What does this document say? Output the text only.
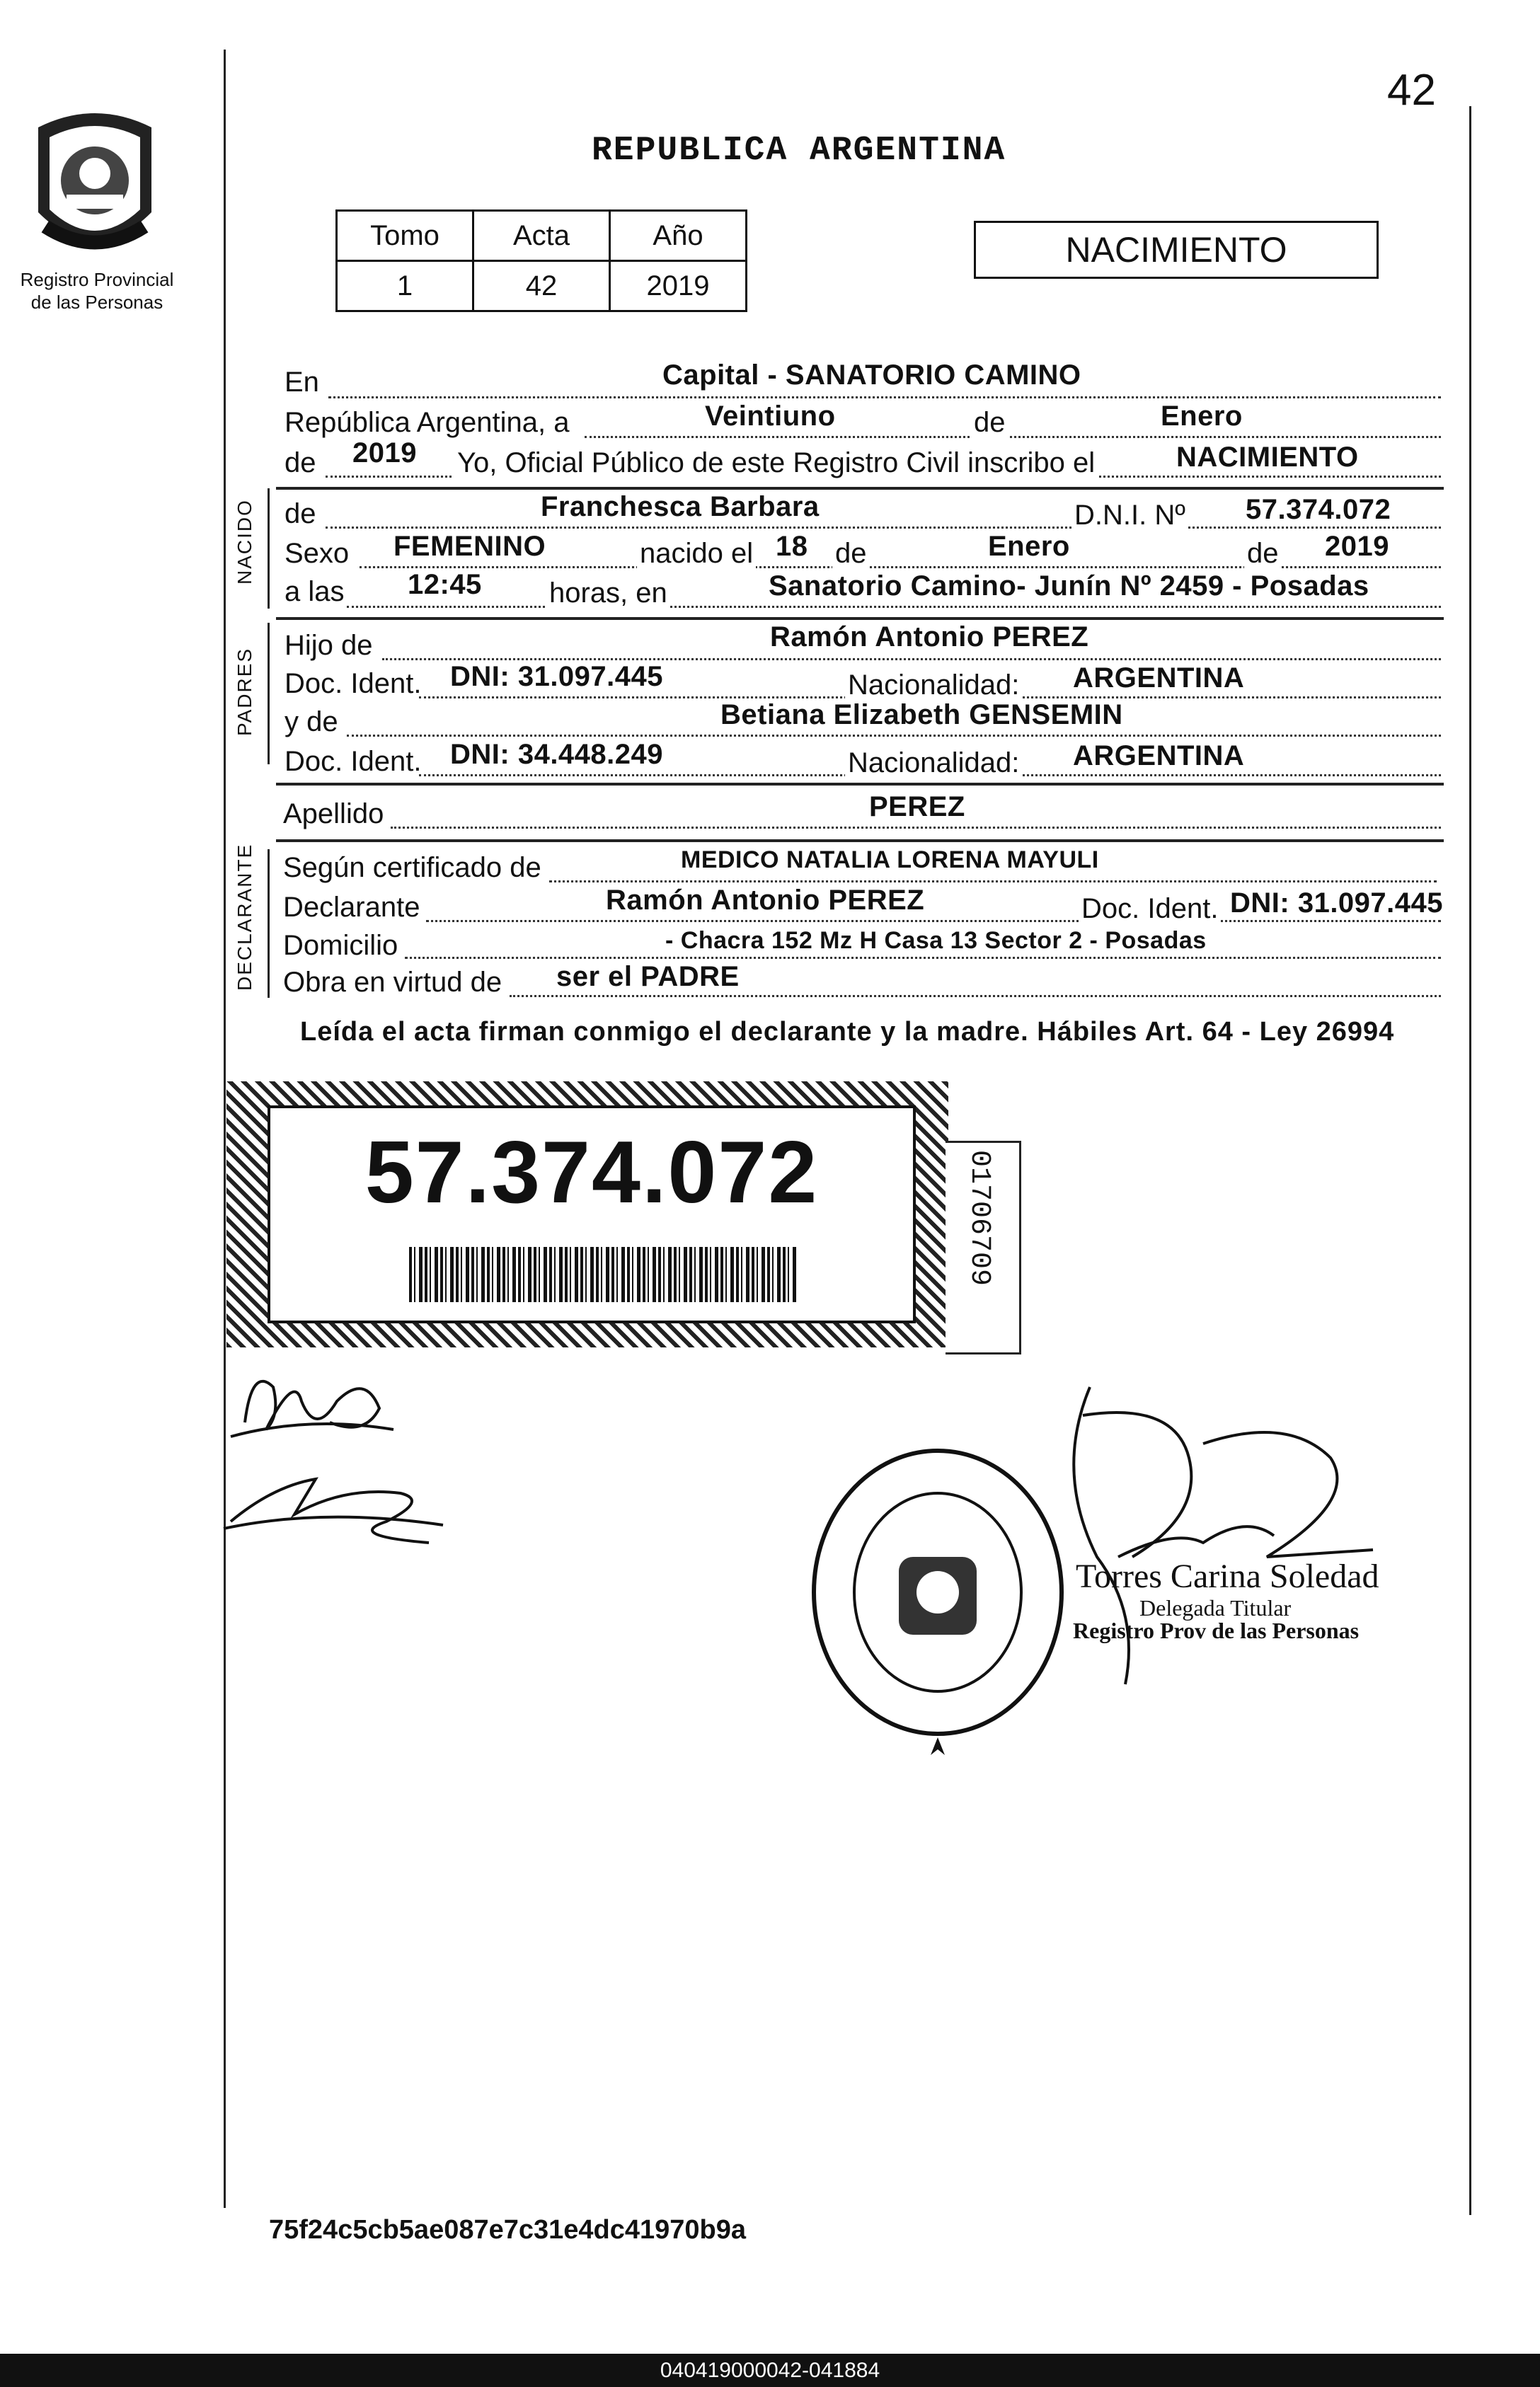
42
Registro Provincial
de las Personas
REPUBLICA ARGENTINA
Tomo	Acta	Año
1	42	2019
NACIMIENTO
En	Capital - SANATORIO CAMINO
República Argentina, a	Veintiuno	de	Enero
de 2019 Yo, Oficial Público de este Registro Civil inscribo el	NACIMIENTO
NACIDO de	Franchesca Barbara	D.N.I. Nº 57.374.072
Sexo FEMENINO	nacido el 18 de	Enero	de 2019
a las 12:45 horas, en	Sanatorio Camino- Junín Nº 2459 - Posadas
PADRES
Hijo de	Ramón Antonio PEREZ
Doc. Ident. DNI: 31.097.445	Nacionalidad: ARGENTINA
y de	Betiana Elizabeth GENSEMIN
Doc. Ident. DNI: 34.448.249	Nacionalidad: ARGENTINA
Apellido	PEREZ
DECLARANTE Según certificado de	MEDICO NATALIA LORENA MAYULI
Declarante	Ramón Antonio PEREZ	Doc. Ident. DNI: 31.097.445
Domicilio	- Chacra 152 Mz H Casa 13 Sector 2 - Posadas
Obra en virtud de ser el PADRE
Leída el acta firman conmigo el declarante y la madre. Hábiles Art. 64 - Ley 26994
57.374.072	01706709
Torres Carina Soledad
Delegada Titular
Registro Prov de las Personas
75f24c5cb5ae087e7c31e4dc41970b9a
040419000042-041884
